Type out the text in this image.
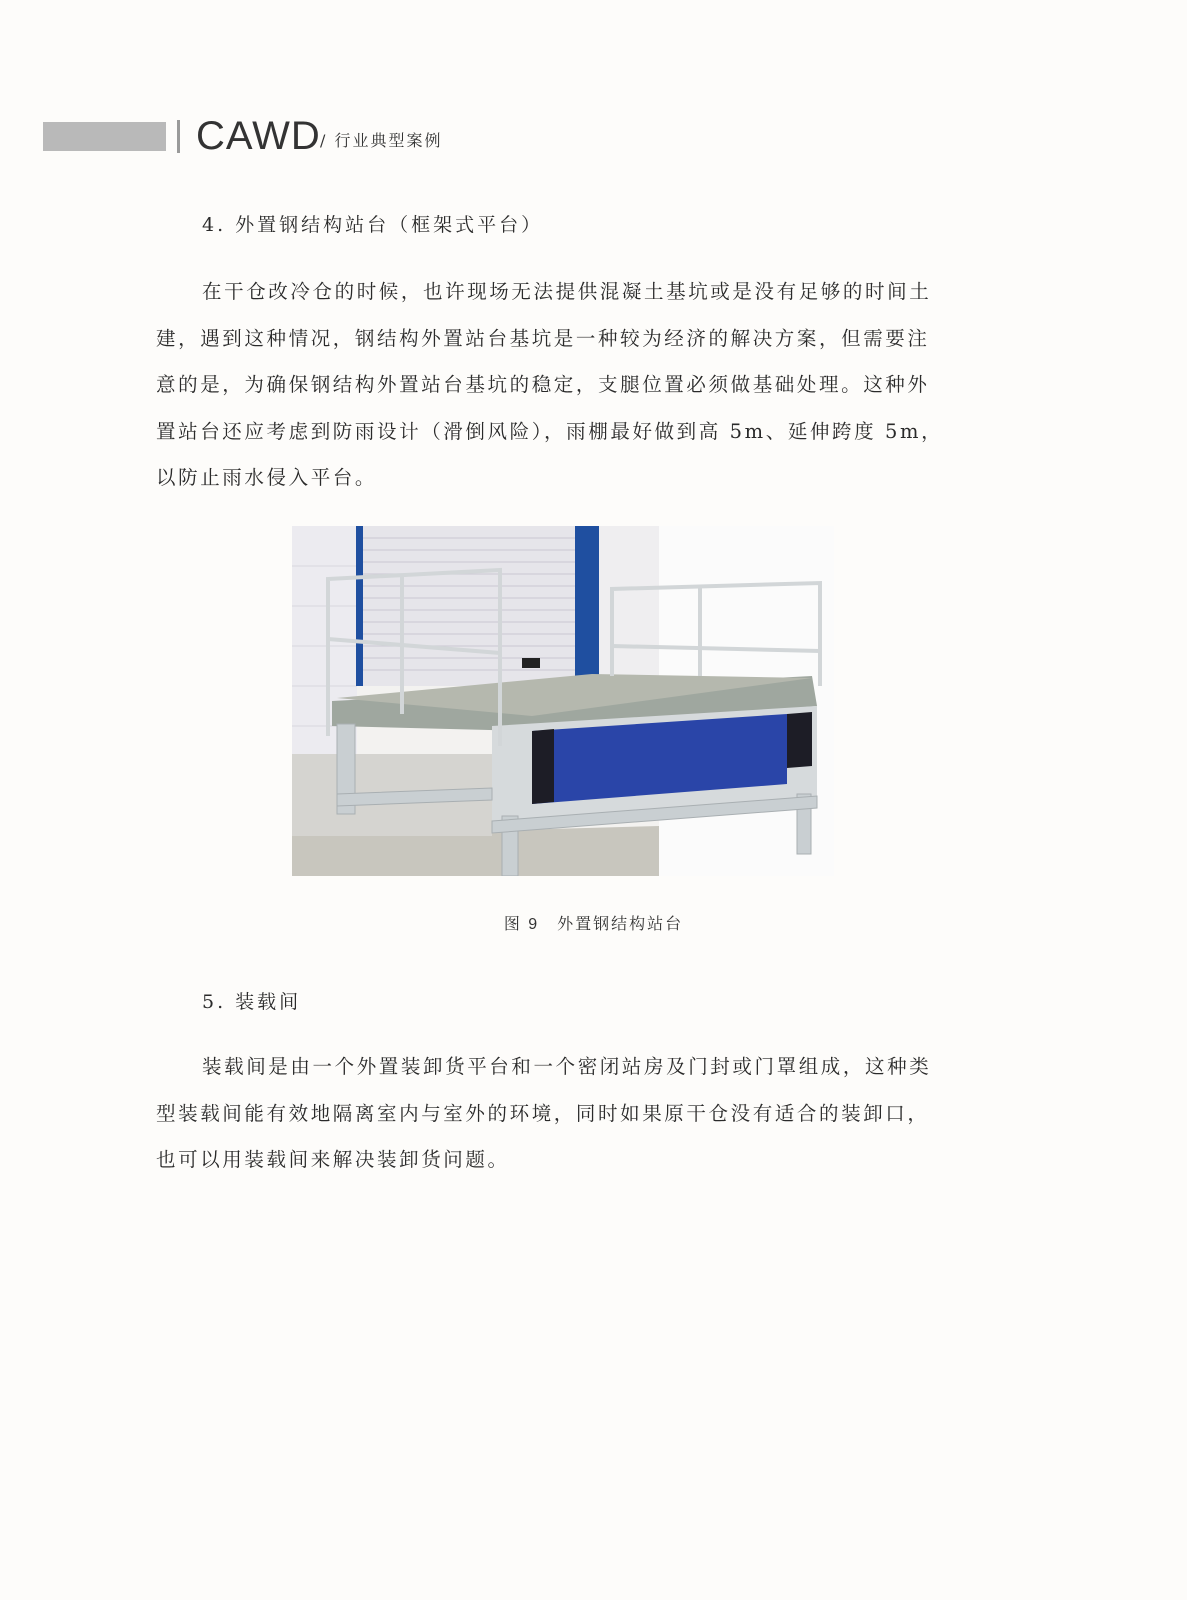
CAWD / 行业典型案例
4. 外置钢结构站台（框架式平台）
在干仓改冷仓的时候，也许现场无法提供混凝土基坑或是没有足够的时间土
建，遇到这种情况，钢结构外置站台基坑是一种较为经济的解决方案，但需要注
意的是，为确保钢结构外置站台基坑的稳定，支腿位置必须做基础处理。这种外
置站台还应考虑到防雨设计（滑倒风险），雨棚最好做到高 5m、延伸跨度 5m，
以防止雨水侵入平台。
图 9 外置钢结构站台
5. 装载间
装载间是由一个外置装卸货平台和一个密闭站房及门封或门罩组成，这种类
型装载间能有效地隔离室内与室外的环境，同时如果原干仓没有适合的装卸口，
也可以用装载间来解决装卸货问题。
